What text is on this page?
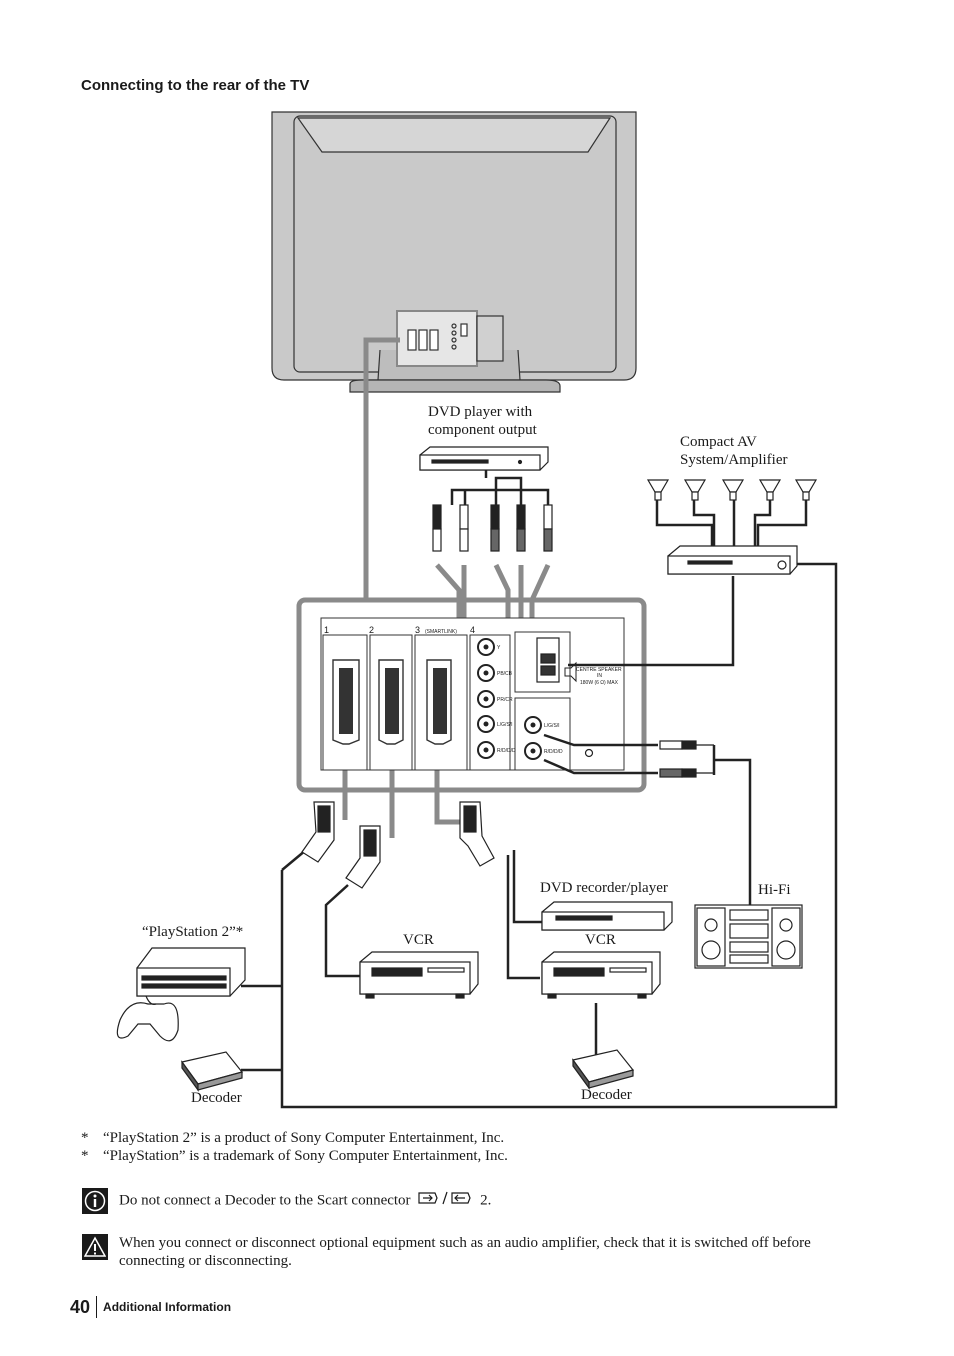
Connecting to the rear of the TV
1	2	3	4
(SMARTLINK)
Y
PB/CB
PR/CR
L/G/S/I
R/D/D/D
CENTRE SPEAKER
IN
180W (6 Ω) MAX
L/G/S/I
R/D/D/D
DVD player with
component output
Compact AV
System/Amplifier
DVD recorder/player	Hi-Fi
“PlayStation 2”*	VCR	VCR
Decoder	Decoder
* “PlayStation 2” is a product of Sony Computer Entertainment, Inc.
* “PlayStation” is a trademark of Sony Computer Entertainment, Inc.
Do not connect a Decoder to the Scart connector	2.
When you connect or disconnect optional equipment such as an audio amplifier, check that it is switched off before connecting or disconnecting.
40	Additional Information
